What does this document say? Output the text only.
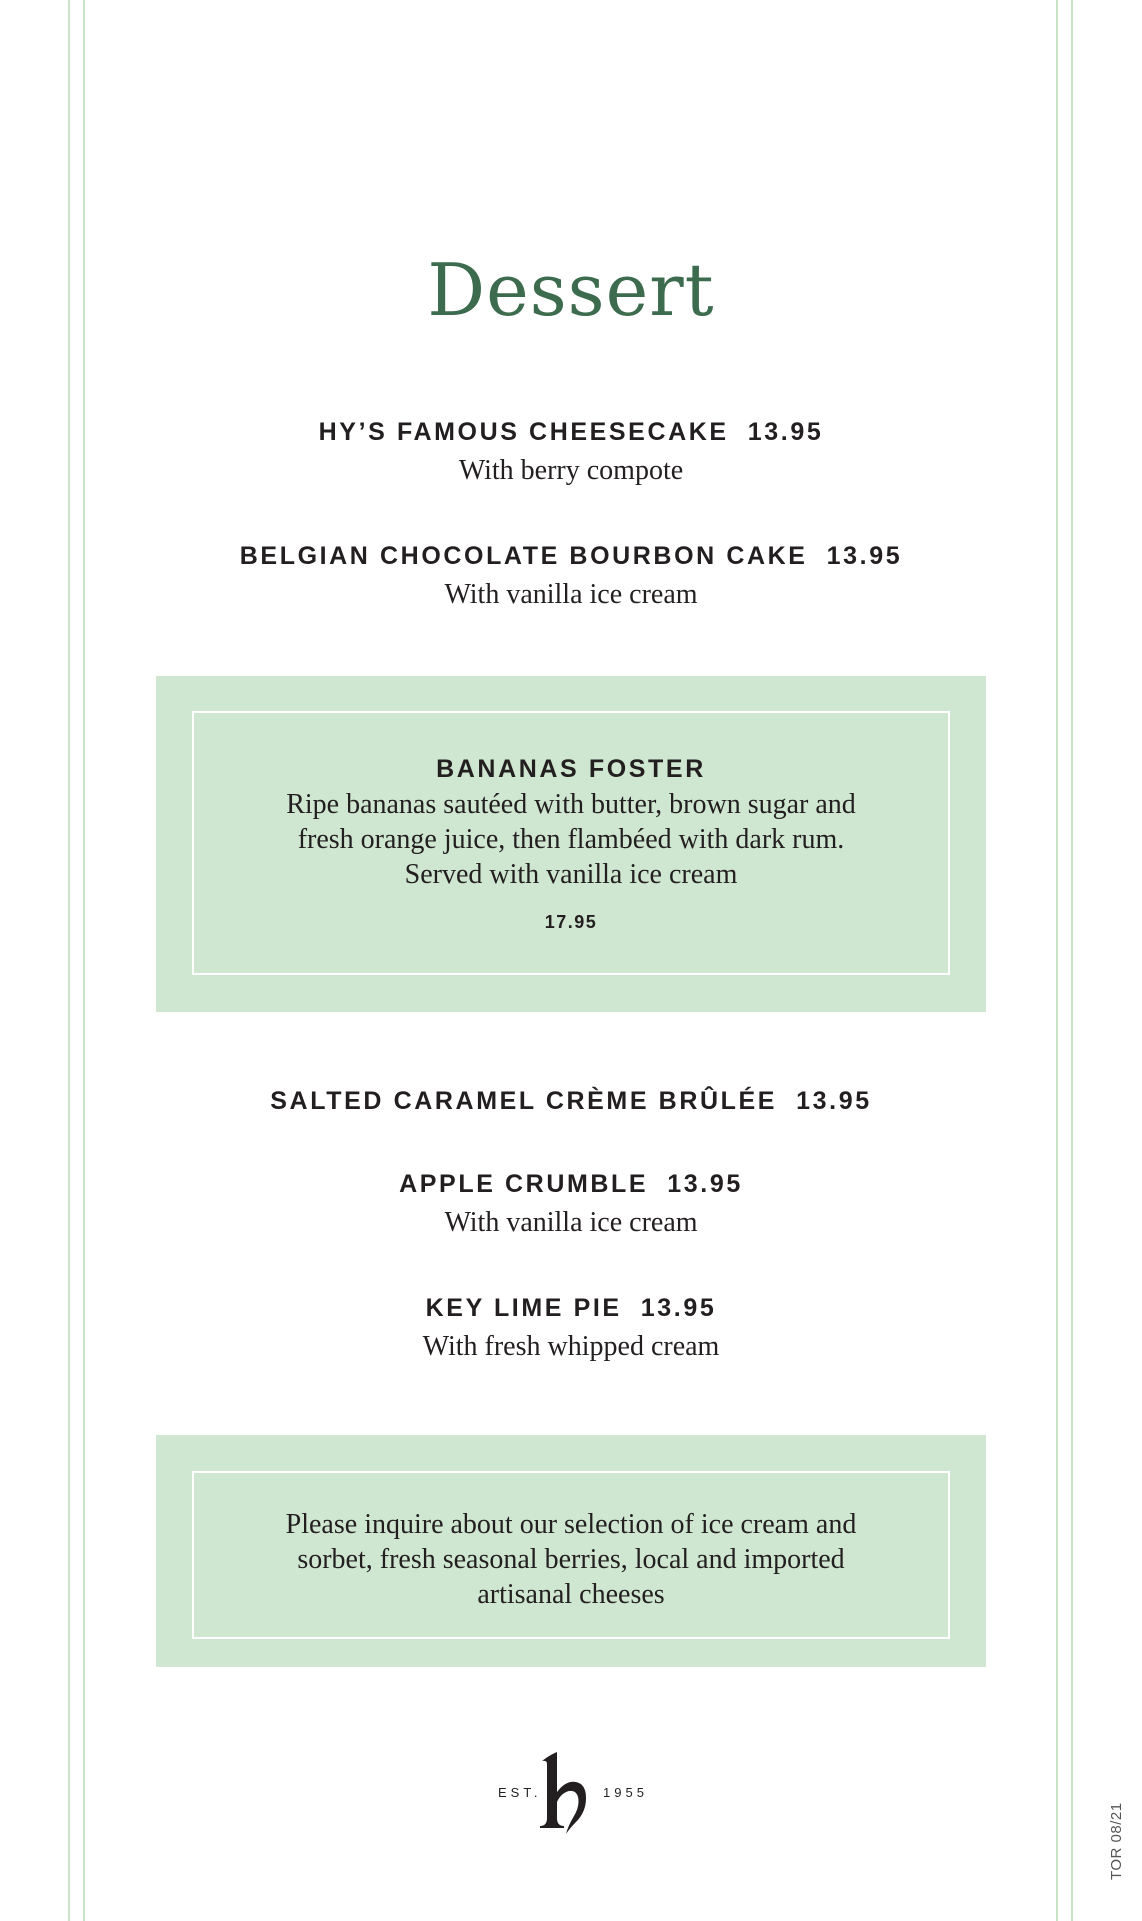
Dessert
HY’S FAMOUS CHEESECAKE  13.95
With berry compote
BELGIAN CHOCOLATE BOURBON CAKE  13.95
With vanilla ice cream
BANANAS FOSTER
Ripe bananas sautéed with butter, brown sugar and fresh orange juice, then flambéed with dark rum. Served with vanilla ice cream
17.95
SALTED CARAMEL CRÈME BRÛLÉE  13.95
APPLE CRUMBLE  13.95
With vanilla ice cream
KEY LIME PIE  13.95
With fresh whipped cream
Please inquire about our selection of ice cream and sorbet, fresh seasonal berries, local and imported artisanal cheeses
EST.	1955
TOR 08/21
